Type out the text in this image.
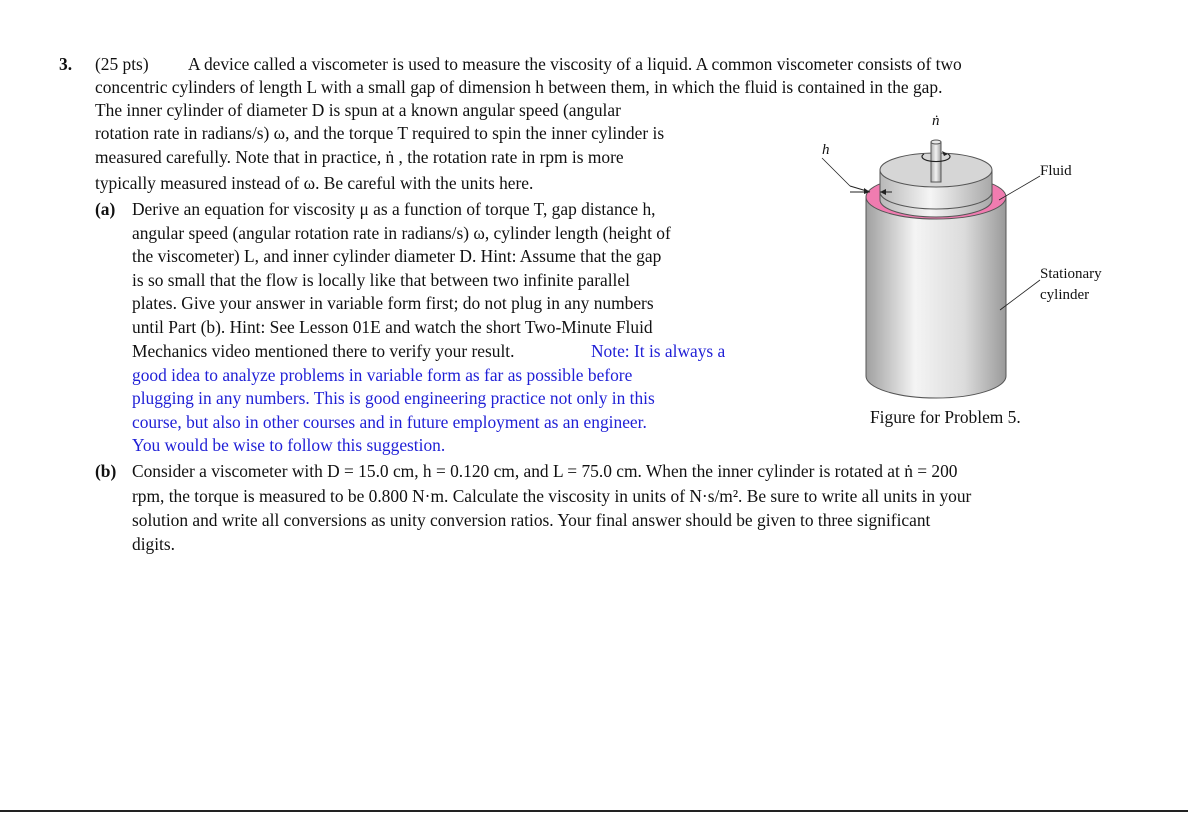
3. (25 pts) A device called a viscometer is used to measure the viscosity of a liquid. A common viscometer consists of two
concentric cylinders of length L with a small gap of dimension h between them, in which the fluid is contained in the gap.
The inner cylinder of diameter D is spun at a known angular speed (angular
rotation rate in radians/s) ω, and the torque T required to spin the inner cylinder is
measured carefully. Note that in practice, ṅ , the rotation rate in rpm is more
typically measured instead of ω. Be careful with the units here.
(a) Derive an equation for viscosity μ as a function of torque T, gap distance h,
angular speed (angular rotation rate in radians/s) ω, cylinder length (height of
the viscometer) L, and inner cylinder diameter D. Hint: Assume that the gap
is so small that the flow is locally like that between two infinite parallel
plates. Give your answer in variable form first; do not plug in any numbers
until Part (b). Hint: See Lesson 01E and watch the short Two-Minute Fluid
Mechanics video mentioned there to verify your result.	Note: It is always a
good idea to analyze problems in variable form as far as possible before
plugging in any numbers. This is good engineering practice not only in this
course, but also in other courses and in future employment as an engineer.
You would be wise to follow this suggestion.
(b) Consider a viscometer with D = 15.0 cm, h = 0.120 cm, and L = 75.0 cm. When the inner cylinder is rotated at ṅ = 200
rpm, the torque is measured to be 0.800 N·m. Calculate the viscosity in units of N·s/m². Be sure to write all units in your
solution and write all conversions as unity conversion ratios. Your final answer should be given to three significant
digits.
h
ṅ
Fluid
Stationary
cylinder
Figure for Problem 5.
